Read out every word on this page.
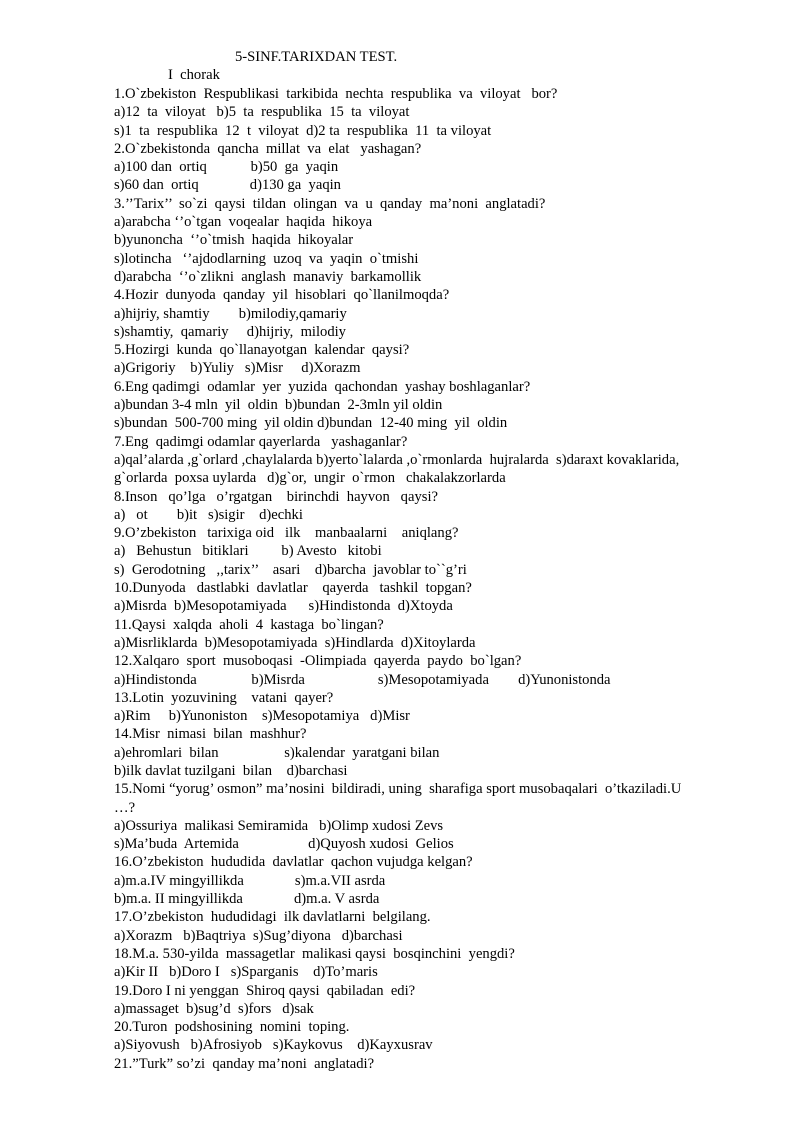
5-SINF.TARIXDAN TEST.
I  chorak
1.O`zbekiston  Respublikasi  tarkibida  nechta  respublika  va  viloyat   bor?
a)12  ta  viloyat   b)5  ta  respublika  15  ta  viloyat
s)1  ta  respublika  12  t  viloyat  d)2 ta  respublika  11  ta viloyat
2.O`zbekistonda  qancha  millat  va  elat   yashagan?
a)100 dan  ortiq            b)50  ga  yaqin
s)60 dan  ortiq              d)130 ga  yaqin
3.’’Tarix’’  so`zi  qaysi  tildan  olingan  va  u  qanday  ma’noni  anglatadi?
a)arabcha ‘’o`tgan  voqealar  haqida  hikoya
b)yunoncha  ‘’o`tmish  haqida  hikoyalar
s)lotincha   ‘’ajdodlarning  uzoq  va  yaqin  o`tmishi
d)arabcha  ‘’o`zlikni  anglash  manaviy  barkamollik
4.Hozir  dunyoda  qanday  yil  hisoblari  qo`llanilmoqda?
a)hijriy, shamtiy        b)milodiy,qamariy
s)shamtiy,  qamariy     d)hijriy,  milodiy
5.Hozirgi  kunda  qo`llanayotgan  kalendar  qaysi?
a)Grigoriy    b)Yuliy   s)Misr     d)Xorazm
6.Eng qadimgi  odamlar  yer  yuzida  qachondan  yashay boshlaganlar?
a)bundan 3-4 mln  yil  oldin  b)bundan  2-3mln yil oldin
s)bundan  500-700 ming  yil oldin d)bundan  12-40 ming  yil  oldin
7.Eng  qadimgi odamlar qayerlarda   yashaganlar?
a)qal’alarda ,g`orlard ,chaylalarda b)yerto`lalarda ,o`rmonlarda  hujralarda  s)daraxt kovaklarida,
g`orlarda  poxsa uylarda   d)g`or,  ungir  o`rmon   chakalakzorlarda
8.Inson   qo’lga   o’rgatgan    birinchdi  hayvon   qaysi?
a)   ot        b)it   s)sigir    d)echki
9.O’zbekiston   tarixiga oid   ilk    manbaalarni    aniqlang?
a)   Behustun   bitiklari         b) Avesto   kitobi
s)  Gerodotning   ,,tarix’’    asari    d)barcha  javoblar to``g’ri
10.Dunyoda   dastlabki  davlatlar    qayerda   tashkil  topgan?
a)Misrda  b)Mesopotamiyada      s)Hindistonda  d)Xtoyda
11.Qaysi  xalqda  aholi  4  kastaga  bo`lingan?
a)Misrliklarda  b)Mesopotamiyada  s)Hindlarda  d)Xitoylarda
12.Xalqaro  sport  musoboqasi  -Olimpiada  qayerda  paydo  bo`lgan?
a)Hindistonda               b)Misrda                    s)Mesopotamiyada        d)Yunonistonda
13.Lotin  yozuvining    vatani  qayer?
a)Rim     b)Yunoniston    s)Mesopotamiya   d)Misr
14.Misr  nimasi  bilan  mashhur?
a)ehromlari  bilan                  s)kalendar  yaratgani bilan
b)ilk davlat tuzilgani  bilan    d)barchasi
15.Nomi “yorug’ osmon” ma’nosini  bildiradi, uning  sharafiga sport musobaqalari  o’tkaziladi.U
…?
a)Ossuriya  malikasi Semiramida   b)Olimp xudosi Zevs
s)Ma’buda  Artemida                   d)Quyosh xudosi  Gelios
16.O’zbekiston  hududida  davlatlar  qachon vujudga kelgan?
a)m.a.IV mingyillikda              s)m.a.VII asrda
b)m.a. II mingyillikda              d)m.a. V asrda
17.O’zbekiston  hududidagi  ilk davlatlarni  belgilang.
a)Xorazm   b)Baqtriya  s)Sug’diyona   d)barchasi
18.M.a. 530-yilda  massagetlar  malikasi qaysi  bosqinchini  yengdi?
a)Kir II   b)Doro I   s)Sparganis    d)To’maris
19.Doro I ni yenggan  Shiroq qaysi  qabiladan  edi?
a)massaget  b)sug’d  s)fors   d)sak
20.Turon  podshosining  nomini  toping.
a)Siyovush   b)Afrosiyob   s)Kaykovus    d)Kayxusrav
21.”Turk” so’zi  qanday ma’noni  anglatadi?
